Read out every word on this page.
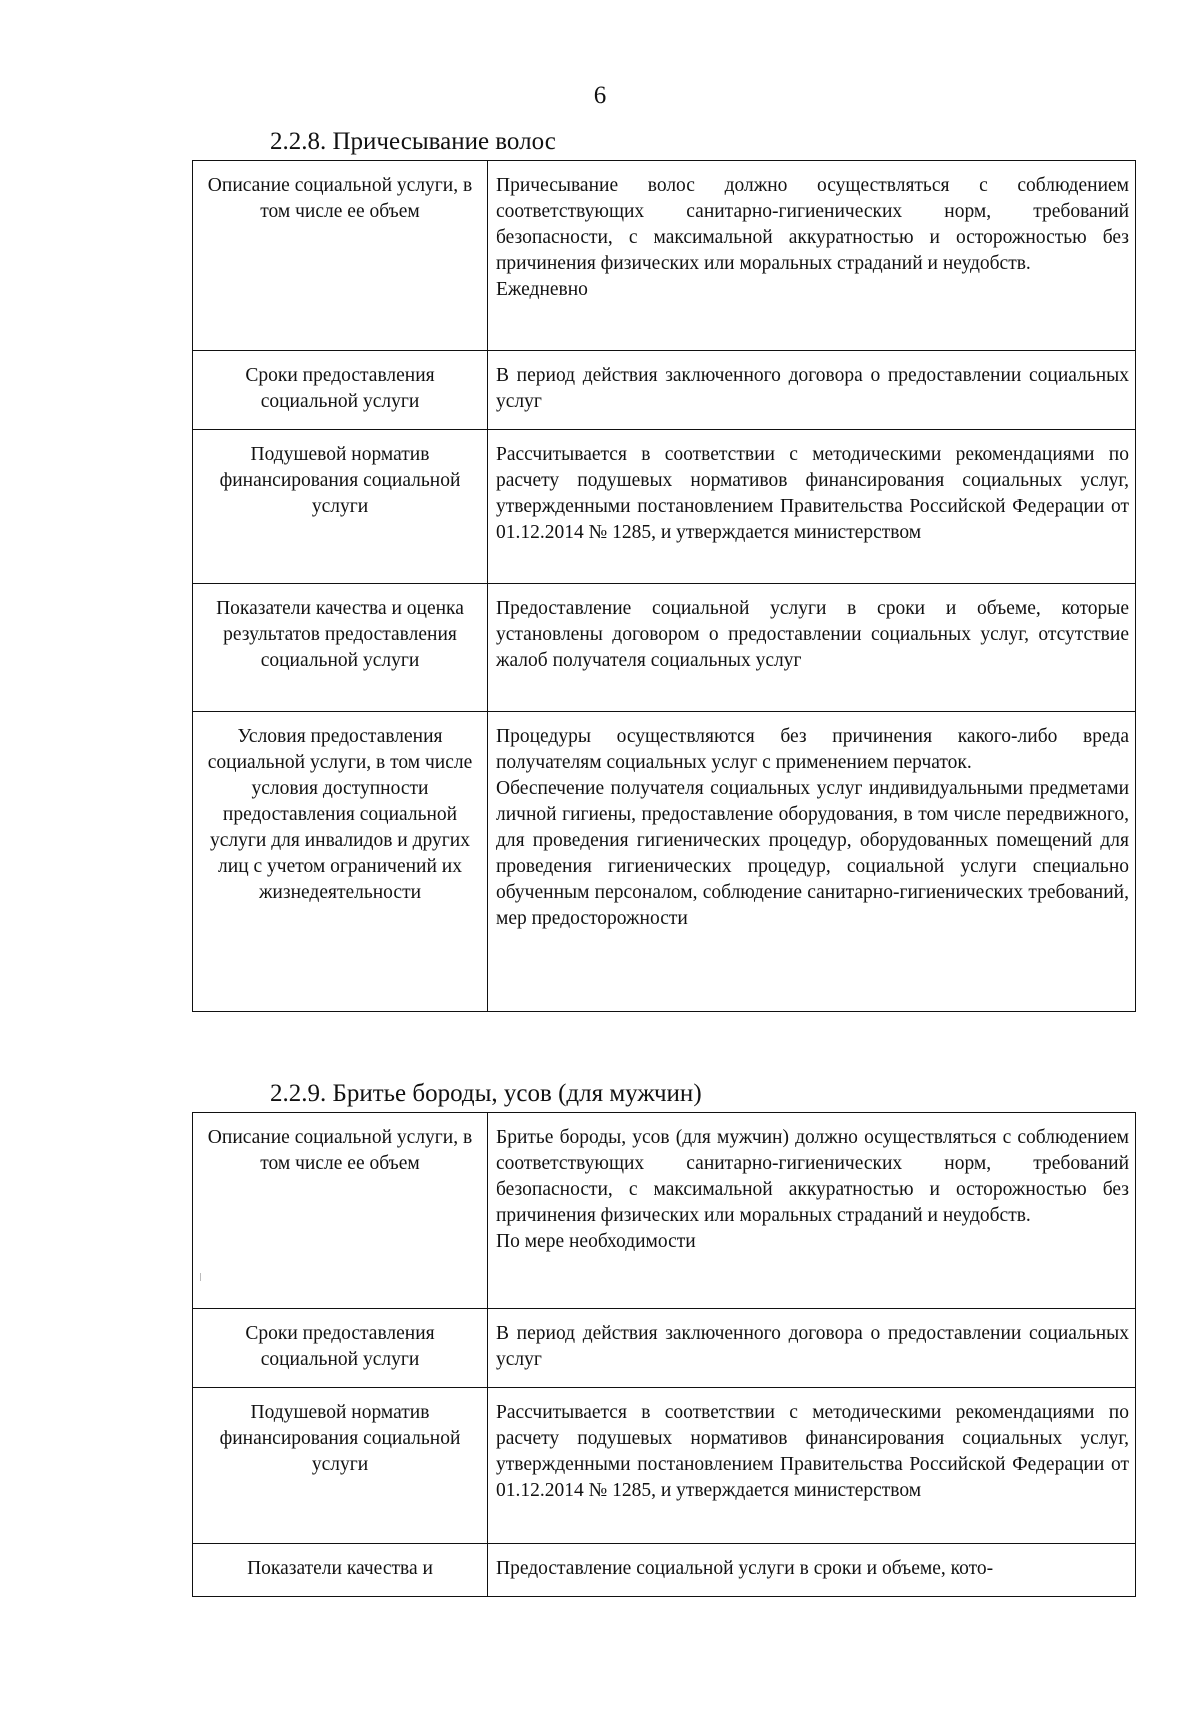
6
2.2.8. Причесывание волос
Описание социальной услуги, в том числе ее объем	Причесывание волос должно осуществляться с соблюдением соответствующих санитарно-гигиенических норм, требований безопасности, с максимальной аккуратностью и осторожностью без причинения физических или моральных страданий и неудобств.
Ежедневно

Сроки предоставления социальной услуги	В период действия заключенного договора о предоставлении социальных услуг

Подушевой норматив финансирования социальной услуги	Рассчитывается в соответствии с методическими рекомендациями по расчету подушевых нормативов финансирования социальных услуг, утвержденными постановлением Правительства Российской Федерации от 01.12.2014 № 1285, и утверждается министерством

Показатели качества и оценка результатов предоставления социальной услуги	Предоставление социальной услуги в сроки и объеме, которые установлены договором о предоставлении социальных услуг, отсутствие жалоб получателя социальных услуг

Условия предоставления социальной услуги, в том числе условия доступности предоставления социальной услуги для инвалидов и других лиц с учетом ограничений их жизнедеятельности	Процедуры осуществляются без причинения какого-либо вреда получателям социальных услуг с применением перчаток.
Обеспечение получателя социальных услуг индивидуальными предметами личной гигиены, предоставление оборудования, в том числе передвижного, для проведения гигиенических процедур, оборудованных помещений для проведения гигиенических процедур, социальной услуги специально обученным персоналом, соблюдение санитарно-гигиенических требований, мер предосторожности
2.2.9. Бритье бороды, усов (для мужчин)
Описание социальной услуги, в том числе ее объем	Бритье бороды, усов (для мужчин) должно осуществляться с соблюдением соответствующих санитарно-гигиенических норм, требований безопасности, с максимальной аккуратностью и осторожностью без причинения физических или моральных страданий и неудобств.
По мере необходимости

Сроки предоставления социальной услуги	В период действия заключенного договора о предоставлении социальных услуг

Подушевой норматив финансирования социальной услуги	Рассчитывается в соответствии с методическими рекомендациями по расчету подушевых нормативов финансирования социальных услуг, утвержденными постановлением Правительства Российской Федерации от 01.12.2014 № 1285, и утверждается министерством

Показатели качества и	Предоставление социальной услуги в сроки и объеме, кото-
